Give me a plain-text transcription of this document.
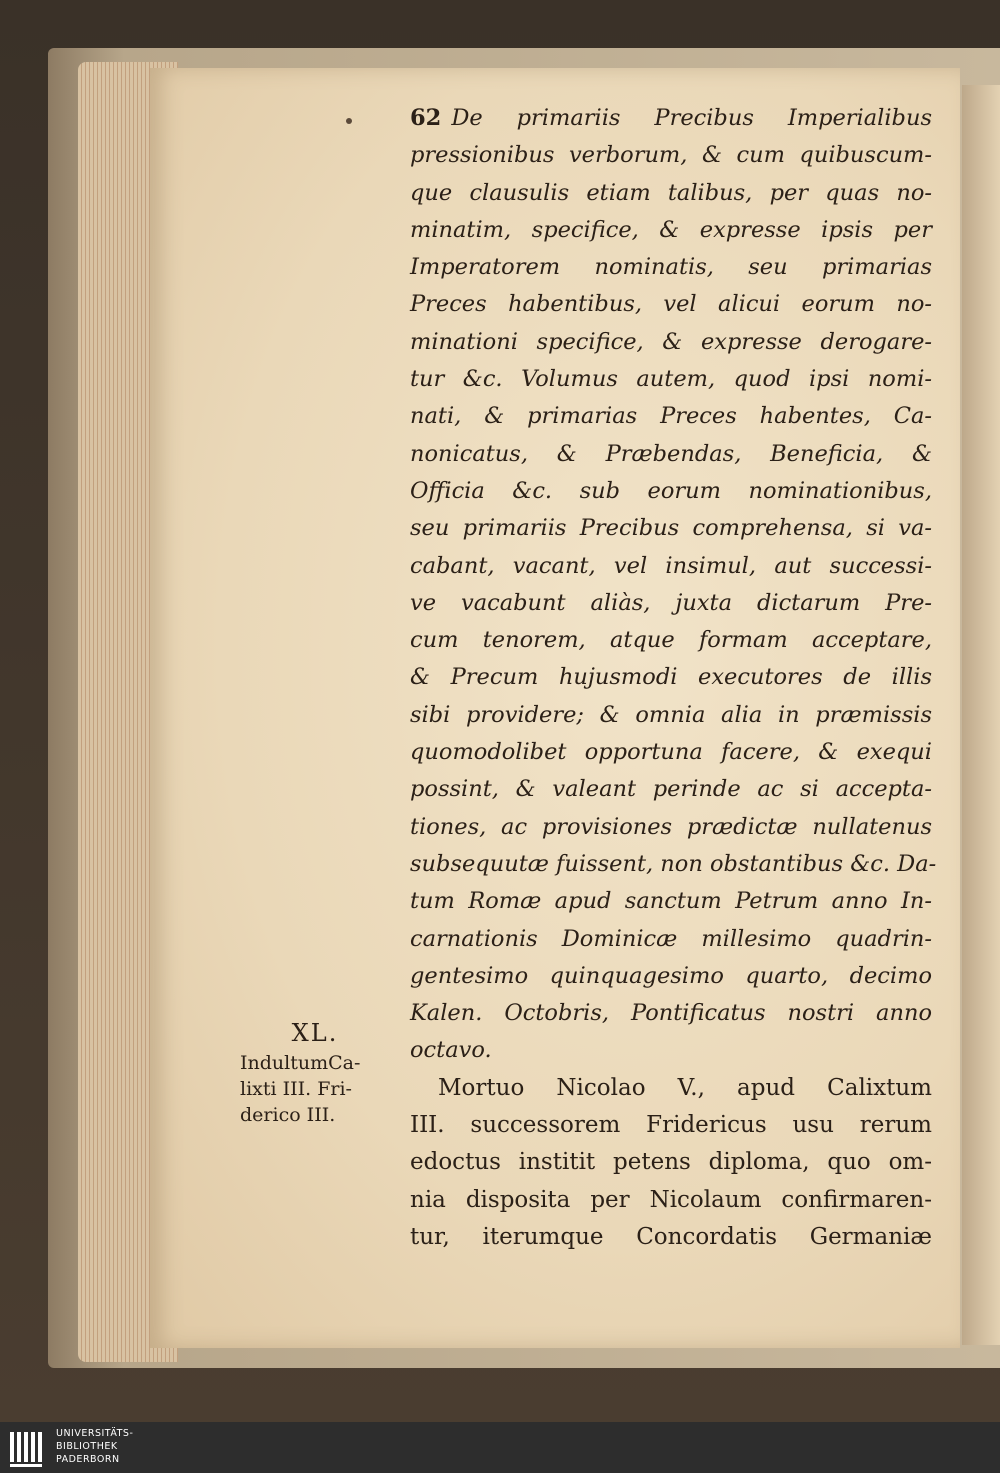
62 De primariis Precibus Imperialibus
pressionibus verborum, & cum quibuscum-
que clausulis etiam talibus, per quas no-
minatim, specifice, & expresse ipsis per
Imperatorem nominatis, seu primarias
Preces habentibus, vel alicui eorum no-
minationi specifice, & expresse derogare-
tur &c. Volumus autem, quod ipsi nomi-
nati, & primarias Preces habentes, Ca-
nonicatus, & Præbendas, Beneficia, &
Officia &c. sub eorum nominationibus,
seu primariis Precibus comprehensa, si va-
cabant, vacant, vel insimul, aut successi-
ve vacabunt aliàs, juxta dictarum Pre-
cum tenorem, atque formam acceptare,
& Precum hujusmodi executores de illis
sibi providere; & omnia alia in præmissis
quomodolibet opportuna facere, & exequi
possint, & valeant perinde ac si accepta-
tiones, ac provisiones prædictæ nullatenus
subsequutæ fuissent, non obstantibus &c. Da-
tum Romæ apud sanctum Petrum anno In-
carnationis Dominicæ millesimo quadrin-
gentesimo quinquagesimo quarto, decimo
Kalen. Octobris, Pontificatus nostri anno
octavo.
Mortuo Nicolao V., apud Calixtum
III. successorem Fridericus usu rerum
edoctus institit petens diploma, quo om-
nia disposita per Nicolaum confirmaren-
tur, iterumque Concordatis Germaniæ
XL.
IndultumCa-
lixti III. Fri-
derico III.
UNIVERSITÄTS-
BIBLIOTHEK
PADERBORN
